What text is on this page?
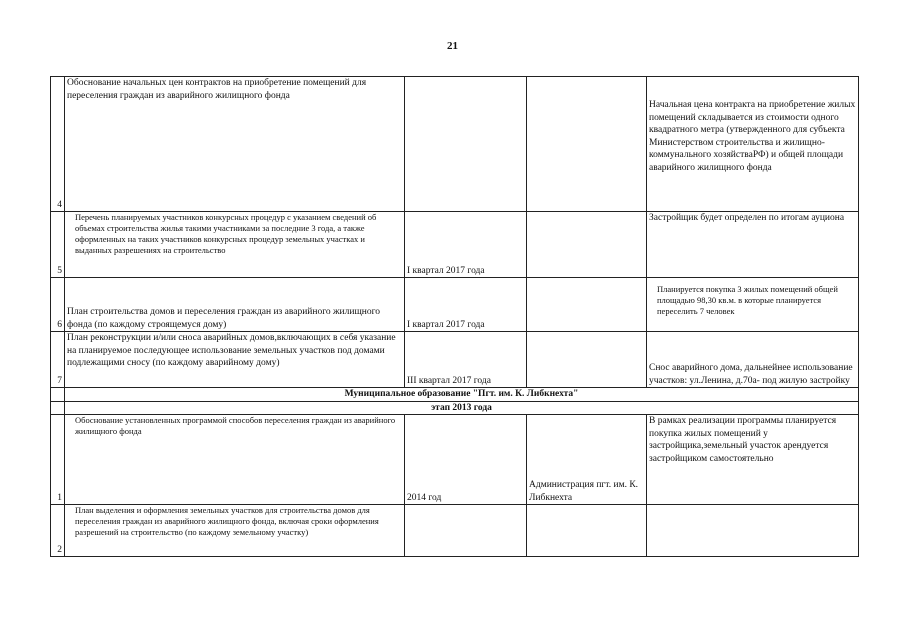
21
4	Обоснование начальных цен контрактов на приобретение помещений для переселения граждан из аварийного жилищного фонда			Начальная цена контракта на приобретение жилых помещений складывается из стоимости одного квадратного метра (утвержденного для субъекта Министерством строительства и жилищно-коммунального хозяйстваРФ) и общей площади аварийного жилищного фонда
5	Перечень планируемых участников конкурсных процедур с указанием сведений об объемах строительства жилья такими участниками за последние 3 года, а также оформленных на таких участников конкурсных процедур земельных участках и выданных разрешениях на строительство	I квартал 2017 года		Застройщик будет определен по итогам ауциона
6	План строительства домов и переселения граждан из аварийного жилищного фонда (по каждому строящемуся дому)	I квартал 2017 года		Планируется покупка 3 жилых помещений общей площадью 98,30 кв.м. в которые планируется переселить 7 человек
7	План реконструкции и/или сноса аварийных домов,включающих в себя указание на планируемое последующее использование земельных участков под домами подлежащими сносу (по каждому аварийному дому)	III квартал 2017 года		Снос аварийного дома, дальнейнее использование участков: ул.Ленина, д.70а- под жилую застройку
	Муниципальное образование "Пгт. им. К. Либкнехта"			
	этап 2013 года			
1	Обоснование установленных программой способов переселения граждан из аварийного жилищного фонда	2014 год	Администрация пгт. им. К. Либкнехта	В рамках реализации программы планируется покупка жилых помещений у застройщика,земельный участок арендуется застройщиком самостоятельно
2	План выделения и оформления земельных участков для строительства домов для переселения граждан из аварийного жилищного фонда, включая сроки оформления разрешений на строительство (по каждому земельному участку)			
